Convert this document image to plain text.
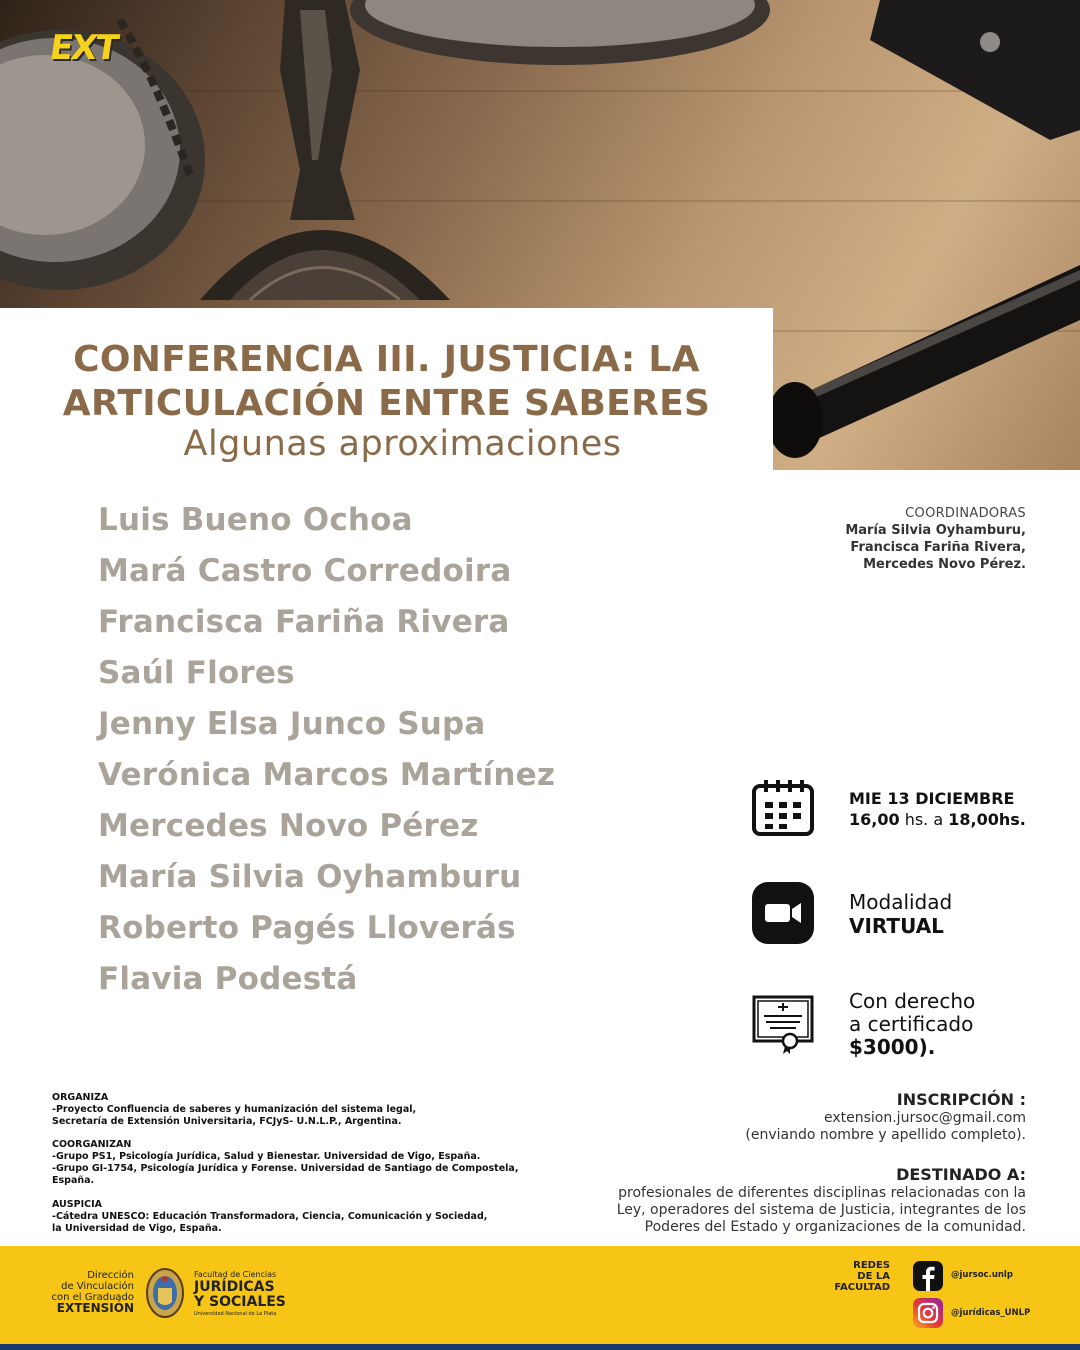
EXT
CONFERENCIA III. JUSTICIA: LA
ARTICULACIÓN ENTRE SABERES
Algunas aproximaciones
Luis Bueno Ochoa
Mará Castro Corredoira
Francisca Fariña Rivera
Saúl Flores
Jenny Elsa Junco Supa
Verónica Marcos Martínez
Mercedes Novo Pérez
María Silvia Oyhamburu
Roberto Pagés Lloverás
Flavia Podestá
COORDINADORAS
María Silvia Oyhamburu,
Francisca Fariña Rivera,
Mercedes Novo Pérez.
MIE 13 DICIEMBRE
16,00 hs. a 18,00hs.
Modalidad
VIRTUAL
Con derecho
a certificado
$3000).
ORGANIZA
-Proyecto Confluencia de saberes y humanización del sistema legal,
Secretaría de Extensión Universitaria, FCJyS- U.N.L.P., Argentina.
COORGANIZAN
-Grupo PS1, Psicología Jurídica, Salud y Bienestar. Universidad de Vigo, España.
-Grupo GI-1754, Psicología Jurídica y Forense. Universidad de Santiago de Compostela,
España.
AUSPICIA
-Cátedra UNESCO: Educación Transformadora, Ciencia, Comunicación y Sociedad,
la Universidad de Vigo, España.
INSCRIPCIÓN :
extension.jursoc@gmail.com
(enviando nombre y apellido completo).
DESTINADO A:
profesionales de diferentes disciplinas relacionadas con la
Ley, operadores del sistema de Justicia, integrantes de los
Poderes del Estado y organizaciones de la comunidad.
Dirección
de Vinculación
con el Graduado
EXTENSIÓN
Facultad de Ciencias
JURÍDICAS
Y SOCIALES
Universidad Nacional de La Plata
REDES
DE LA
FACULTAD
@jursoc.unlp
@jurídicas_UNLP
